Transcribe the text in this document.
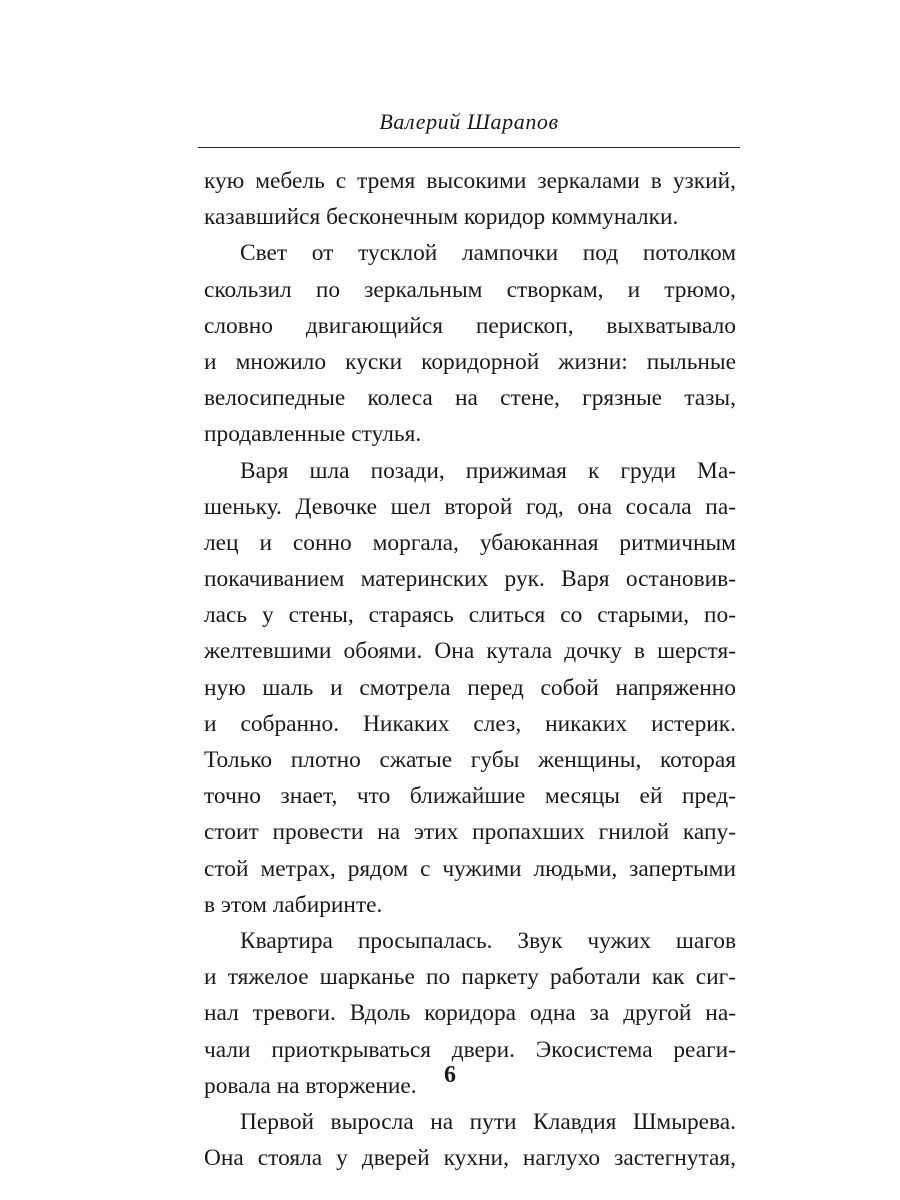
Валерий Шарапов
кую мебель с тремя высокими зеркалами в узкий,
казавшийся бесконечным коридор коммуналки.
Свет от тусклой лампочки под потолком
скользил по зеркальным створкам, и трюмо,
словно двигающийся перископ, выхватывало
и множило куски коридорной жизни: пыльные
велосипедные колеса на стене, грязные тазы,
продавленные стулья.
Варя шла позади, прижимая к груди Ма-
шеньку. Девочке шел второй год, она сосала па-
лец и сонно моргала, убаюканная ритмичным
покачиванием материнских рук. Варя остановив-
лась у стены, стараясь слиться со старыми, по-
желтевшими обоями. Она кутала дочку в шерстя-
ную шаль и смотрела перед собой напряженно
и собранно. Никаких слез, никаких истерик.
Только плотно сжатые губы женщины, которая
точно знает, что ближайшие месяцы ей пред-
стоит провести на этих пропахших гнилой капу-
стой метрах, рядом с чужими людьми, запертыми
в этом лабиринте.
Квартира просыпалась. Звук чужих шагов
и тяжелое шарканье по паркету работали как сиг-
нал тревоги. Вдоль коридора одна за другой на-
чали приоткрываться двери. Экосистема реаги-
ровала на вторжение.
Первой выросла на пути Клавдия Шмырева.
Она стояла у дверей кухни, наглухо застегнутая,
6
